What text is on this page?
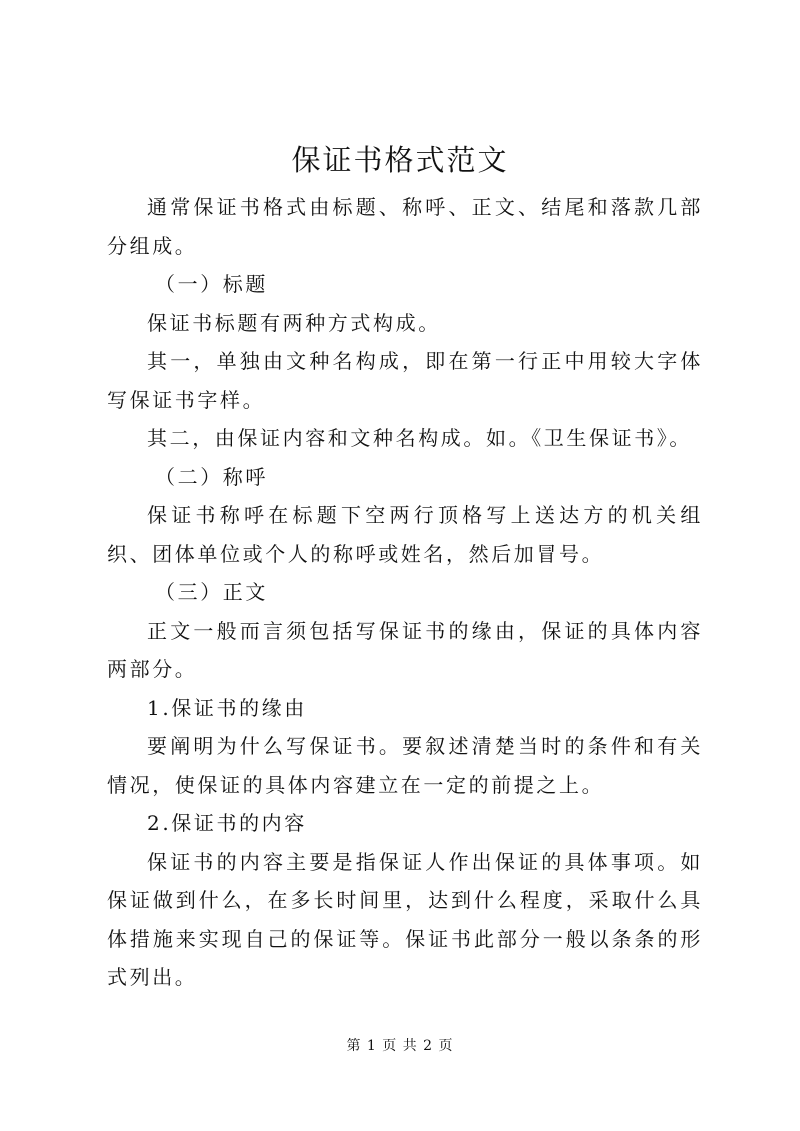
保证书格式范文

通常保证书格式由标题、称呼、正文、结尾和落款几部分组成。

（一）标题

保证书标题有两种方式构成。

其一，单独由文种名构成，即在第一行正中用较大字体写保证书字样。

其二，由保证内容和文种名构成。如。《卫生保证书》。

（二）称呼

保证书称呼在标题下空两行顶格写上送达方的机关组织、团体单位或个人的称呼或姓名，然后加冒号。

（三）正文

正文一般而言须包括写保证书的缘由，保证的具体内容两部分。

1.保证书的缘由

要阐明为什么写保证书。要叙述清楚当时的条件和有关情况，使保证的具体内容建立在一定的前提之上。

2.保证书的内容

保证书的内容主要是指保证人作出保证的具体事项。如保证做到什么，在多长时间里，达到什么程度，采取什么具体措施来实现自己的保证等。保证书此部分一般以条条的形式列出。

第 1 页 共 2 页
